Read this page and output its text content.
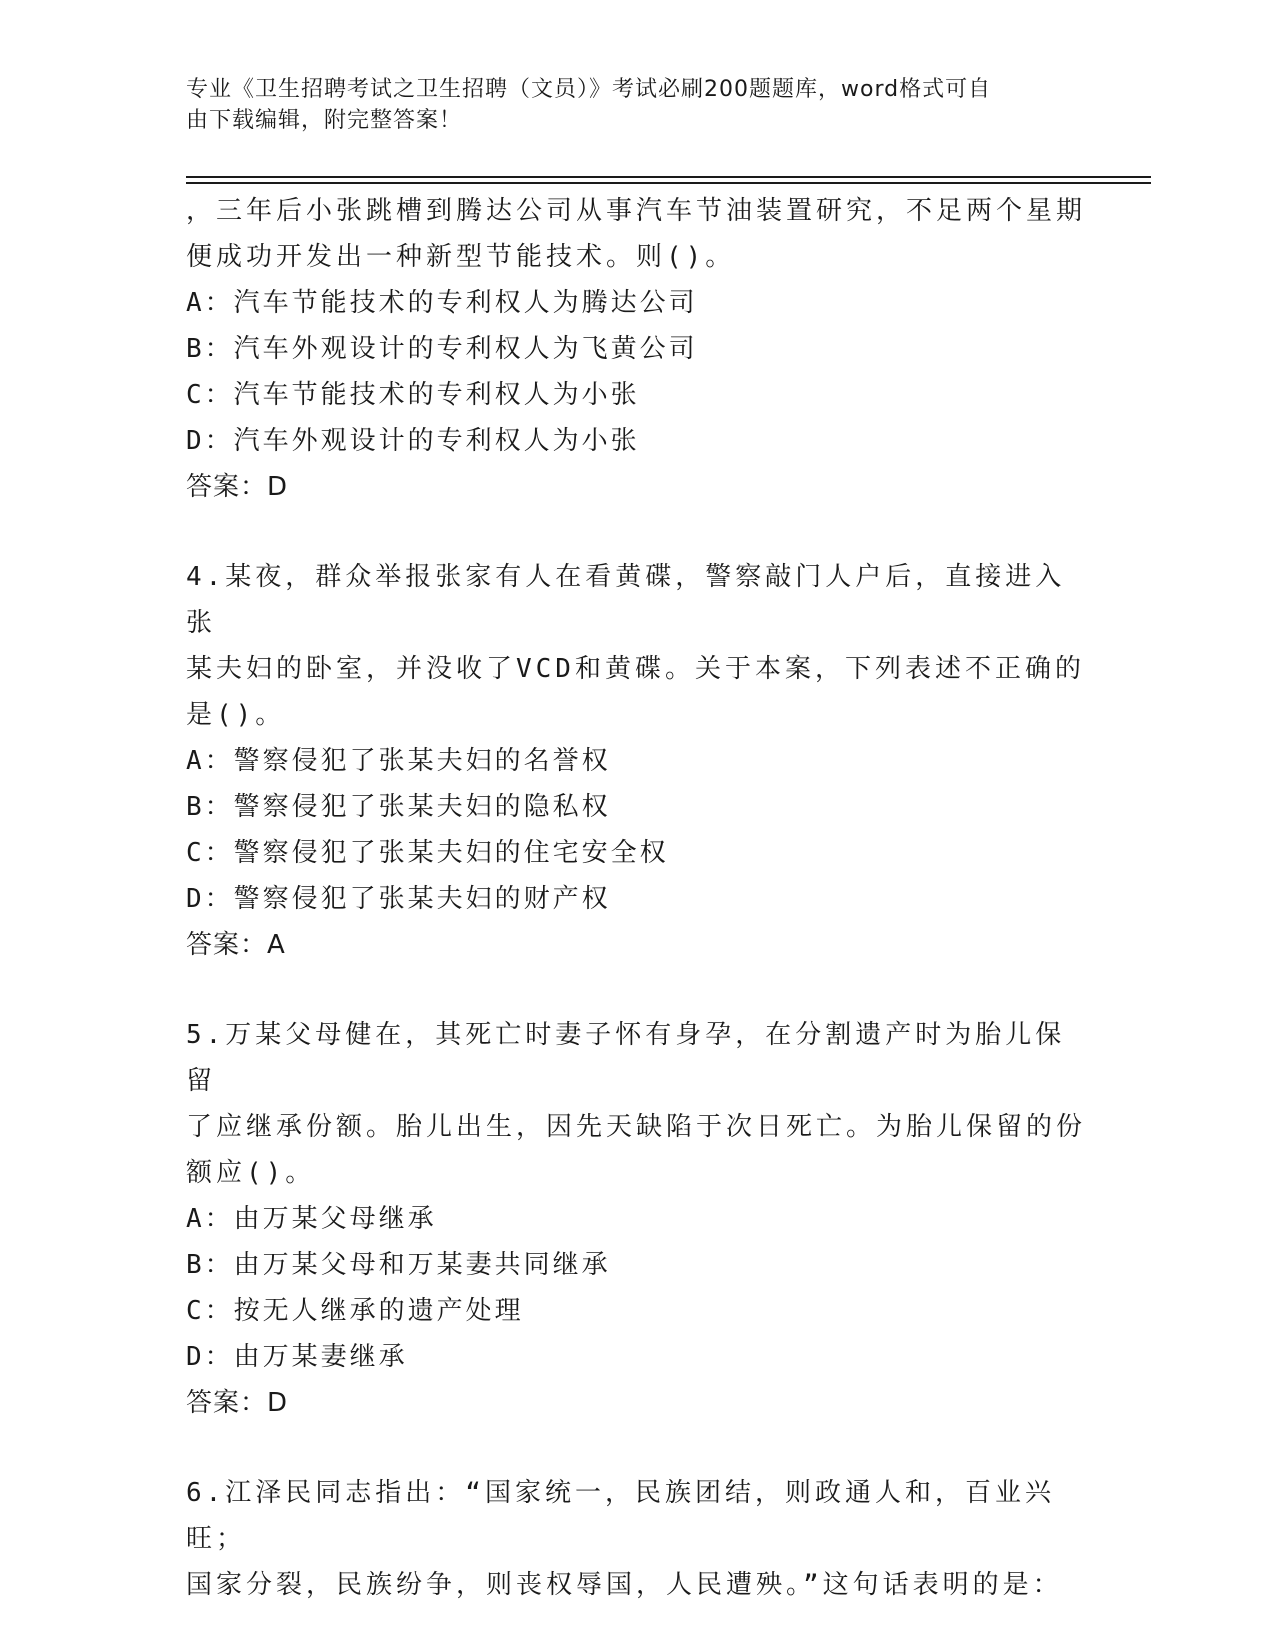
专业《卫生招聘考试之卫生招聘（文员）》考试必刷200题题库，word格式可自
由下载编辑，附完整答案！

，三年后小张跳槽到腾达公司从事汽车节油装置研究，不足两个星期

便成功开发出一种新型节能技术。则()。

A：汽车节能技术的专利权人为腾达公司

B：汽车外观设计的专利权人为飞黄公司

C：汽车节能技术的专利权人为小张

D：汽车外观设计的专利权人为小张

答案：D

4.某夜，群众举报张家有人在看黄碟，警察敲门人户后，直接进入张

某夫妇的卧室，并没收了VCD和黄碟。关于本案，下列表述不正确的

是()。

A：警察侵犯了张某夫妇的名誉权

B：警察侵犯了张某夫妇的隐私权

C：警察侵犯了张某夫妇的住宅安全权

D：警察侵犯了张某夫妇的财产权

答案：A

5.万某父母健在，其死亡时妻子怀有身孕，在分割遗产时为胎儿保留

了应继承份额。胎儿出生，因先天缺陷于次日死亡。为胎儿保留的份

额应()。

A：由万某父母继承

B：由万某父母和万某妻共同继承

C：按无人继承的遗产处理

D：由万某妻继承

答案：D

6.江泽民同志指出：“国家统一，民族团结，则政通人和，百业兴旺；

国家分裂，民族纷争，则丧权辱国，人民遭殃。”这句话表明的是：
